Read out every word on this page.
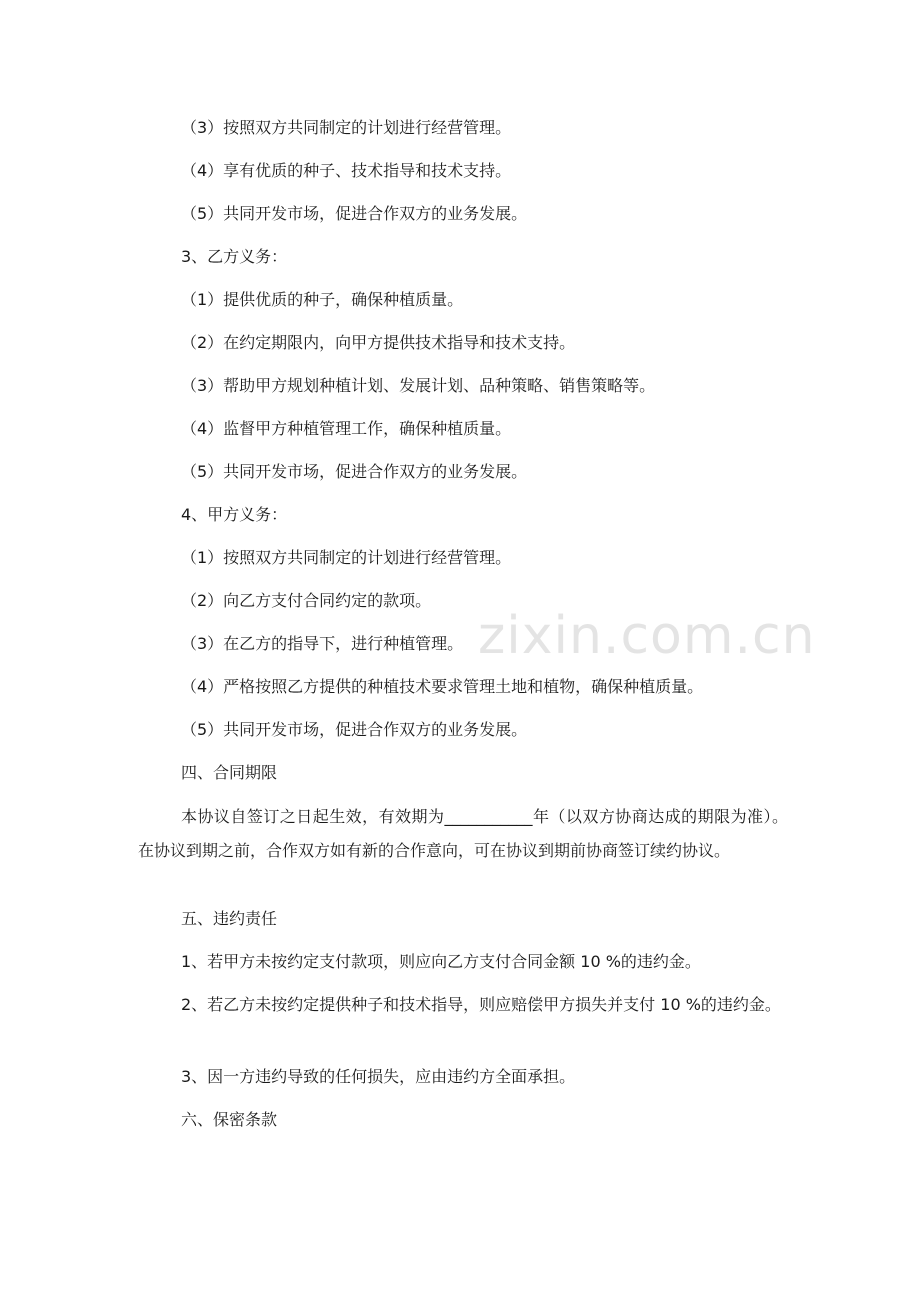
zixin.com.cn
（3）按照双方共同制定的计划进行经营管理。
（4）享有优质的种子、技术指导和技术支持。
（5）共同开发市场，促进合作双方的业务发展。
3、乙方义务：
（1）提供优质的种子，确保种植质量。
（2）在约定期限内，向甲方提供技术指导和技术支持。
（3）帮助甲方规划种植计划、发展计划、品种策略、销售策略等。
（4）监督甲方种植管理工作，确保种植质量。
（5）共同开发市场，促进合作双方的业务发展。
4、甲方义务：
（1）按照双方共同制定的计划进行经营管理。
（2）向乙方支付合同约定的款项。
（3）在乙方的指导下，进行种植管理。
（4）严格按照乙方提供的种植技术要求管理土地和植物，确保种植质量。
（5）共同开发市场，促进合作双方的业务发展。
四、合同期限
本协议自签订之日起生效，有效期为___________年（以双方协商达成的期限为准）。在协议到期之前，合作双方如有新的合作意向，可在协议到期前协商签订续约协议。
五、违约责任
1、若甲方未按约定支付款项，则应向乙方支付合同金额 10 %的违约金。
2、若乙方未按约定提供种子和技术指导，则应赔偿甲方损失并支付 10 %的违约金。
3、因一方违约导致的任何损失，应由违约方全面承担。
六、保密条款
